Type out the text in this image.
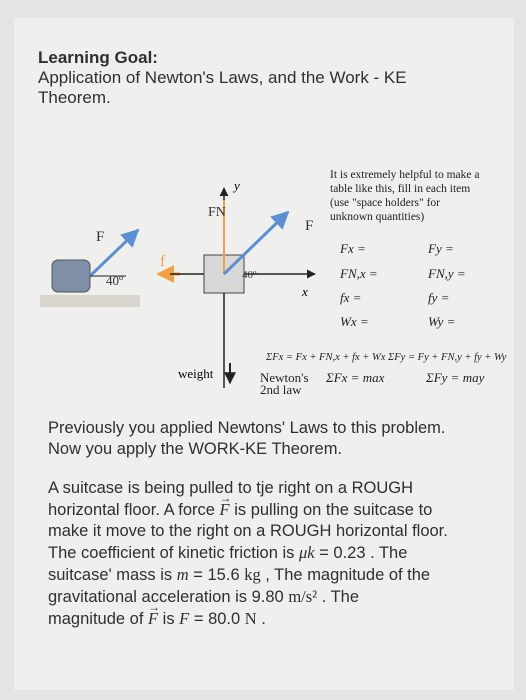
Learning Goal:
Application of Newton's Laws, and the Work - KE
Theorem.
F
40º
f
y
x
FN
F
40º
weight
It is extremely helpful to make a
table like this, fill in each item
(use "space holders" for
unknown quantities)
Fx =	Fy =
FN,x =	FN,y =
fx =	fy =
Wx =	Wy =
ΣFx = Fx + FN,x + fx + Wx ΣFy = Fy + FN,y + fy + Wy
Newton's
2nd law
ΣFx = max	ΣFy = may
Previously you applied Newtons' Laws to this problem.
Now you apply the WORK-KE Theorem.
A suitcase is being pulled to tje right on a ROUGH
horizontal floor. A force → F is pulling on the suitcase to
make it move to the right on a ROUGH horizontal floor.
The coefficient of kinetic friction is μk = 0.23 . The
suitcase' mass is m = 15.6 kg , The magnitude of the
gravitational acceleration is 9.80 m/s² . The
magnitude of → F is F = 80.0 N .
